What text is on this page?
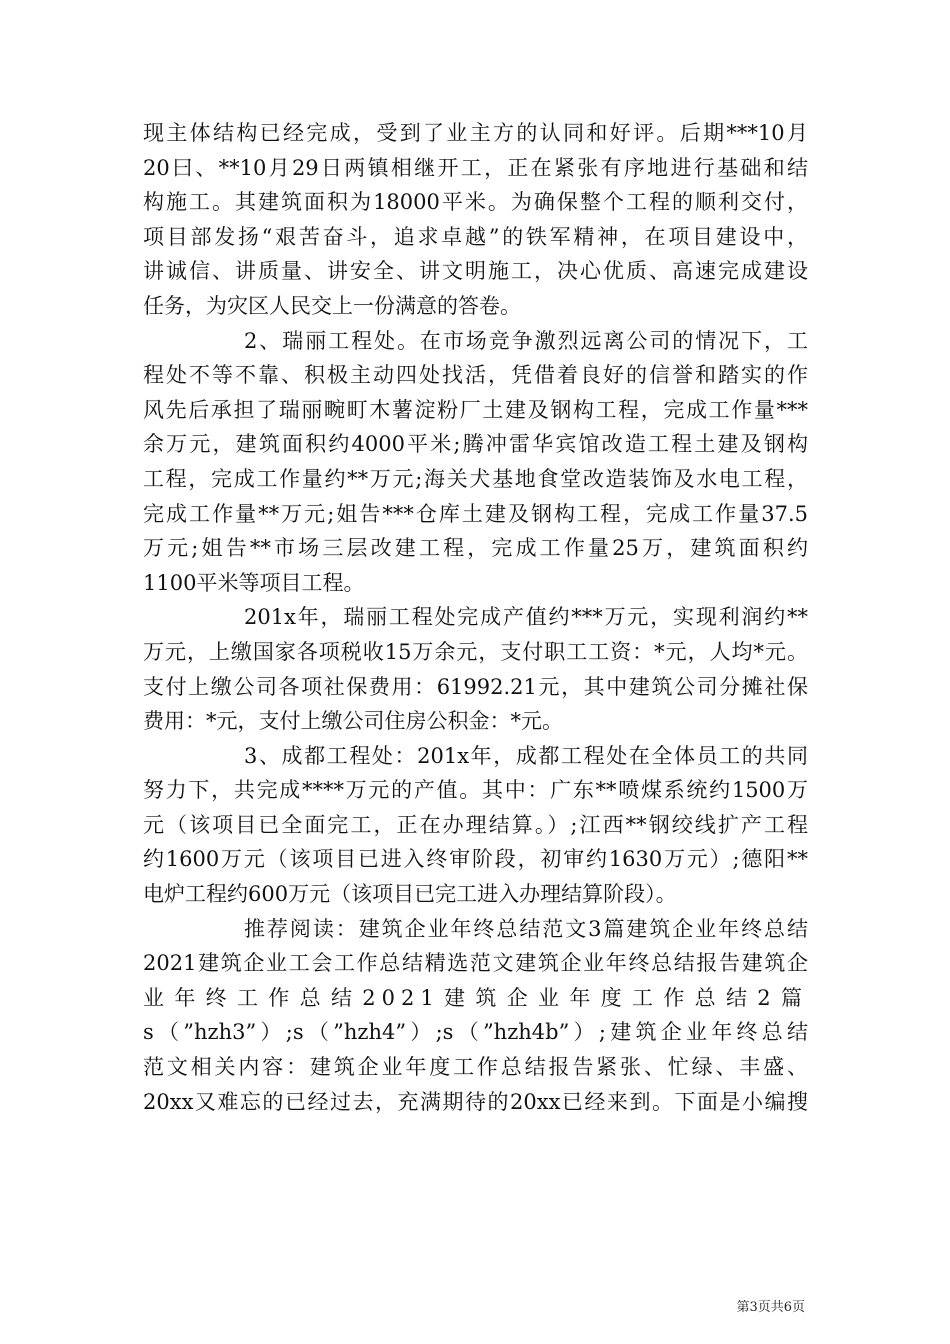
现主体结构已经完成，受到了业主方的认同和好评。后期***10月
20曰、**10月29日两镇相继开工，正在紧张有序地进行基础和结
构施工。其建筑面积为18000平米。为确保整个工程的顺利交付，
项目部发扬“艰苦奋斗，追求卓越”的铁军精神，在项目建设中，
讲诚信、讲质量、讲安全、讲文明施工，决心优质、高速完成建设
任务，为灾区人民交上一份满意的答卷。
2、瑞丽工程处。在市场竞争激烈远离公司的情况下，工
程处不等不靠、积极主动四处找活，凭借着良好的信誉和踏实的作
风先后承担了瑞丽畹町木薯淀粉厂土建及钢构工程，完成工作量***
余万元，建筑面积约4000平米;腾冲雷华宾馆改造工程土建及钢构
工程，完成工作量约**万元;海关犬基地食堂改造装饰及水电工程，
完成工作量**万元;姐告***仓库土建及钢构工程，完成工作量37.5
万元;姐告**市场三层改建工程，完成工作量25万，建筑面积约
1100平米等项目工程。
201x年，瑞丽工程处完成产值约***万元，实现利润约**
万元，上缴国家各项税收15万余元，支付职工工资：*元，人均*元。
支付上缴公司各项社保费用：61992.21元，其中建筑公司分摊社保
费用：*元，支付上缴公司住房公积金：*元。
3、成都工程处：201x年，成都工程处在全体员工的共同
努力下，共完成****万元的产值。其中：广东**喷煤系统约1500万
元（该项目已全面完工，正在办理结算。）;江西**钢绞线扩产工程
约1600万元（该项目已进入终审阶段，初审约1630万元）;德阳**
电炉工程约600万元（该项目已完工进入办理结算阶段）。
推荐阅读：建筑企业年终总结范文3篇建筑企业年终总结
2021建筑企业工会工作总结精选范文建筑企业年终总结报告建筑企
业年终工作总结2021建筑企业年度工作总结2篇
s（”hzh3”）;s（”hzh4”）;s（”hzh4b”）;建筑企业年终总结
范文相关内容：建筑企业年度工作总结报告紧张、忙绿、丰盛、
20xx又难忘的已经过去，充满期待的20xx已经来到。下面是小编搜
第3页共6页
